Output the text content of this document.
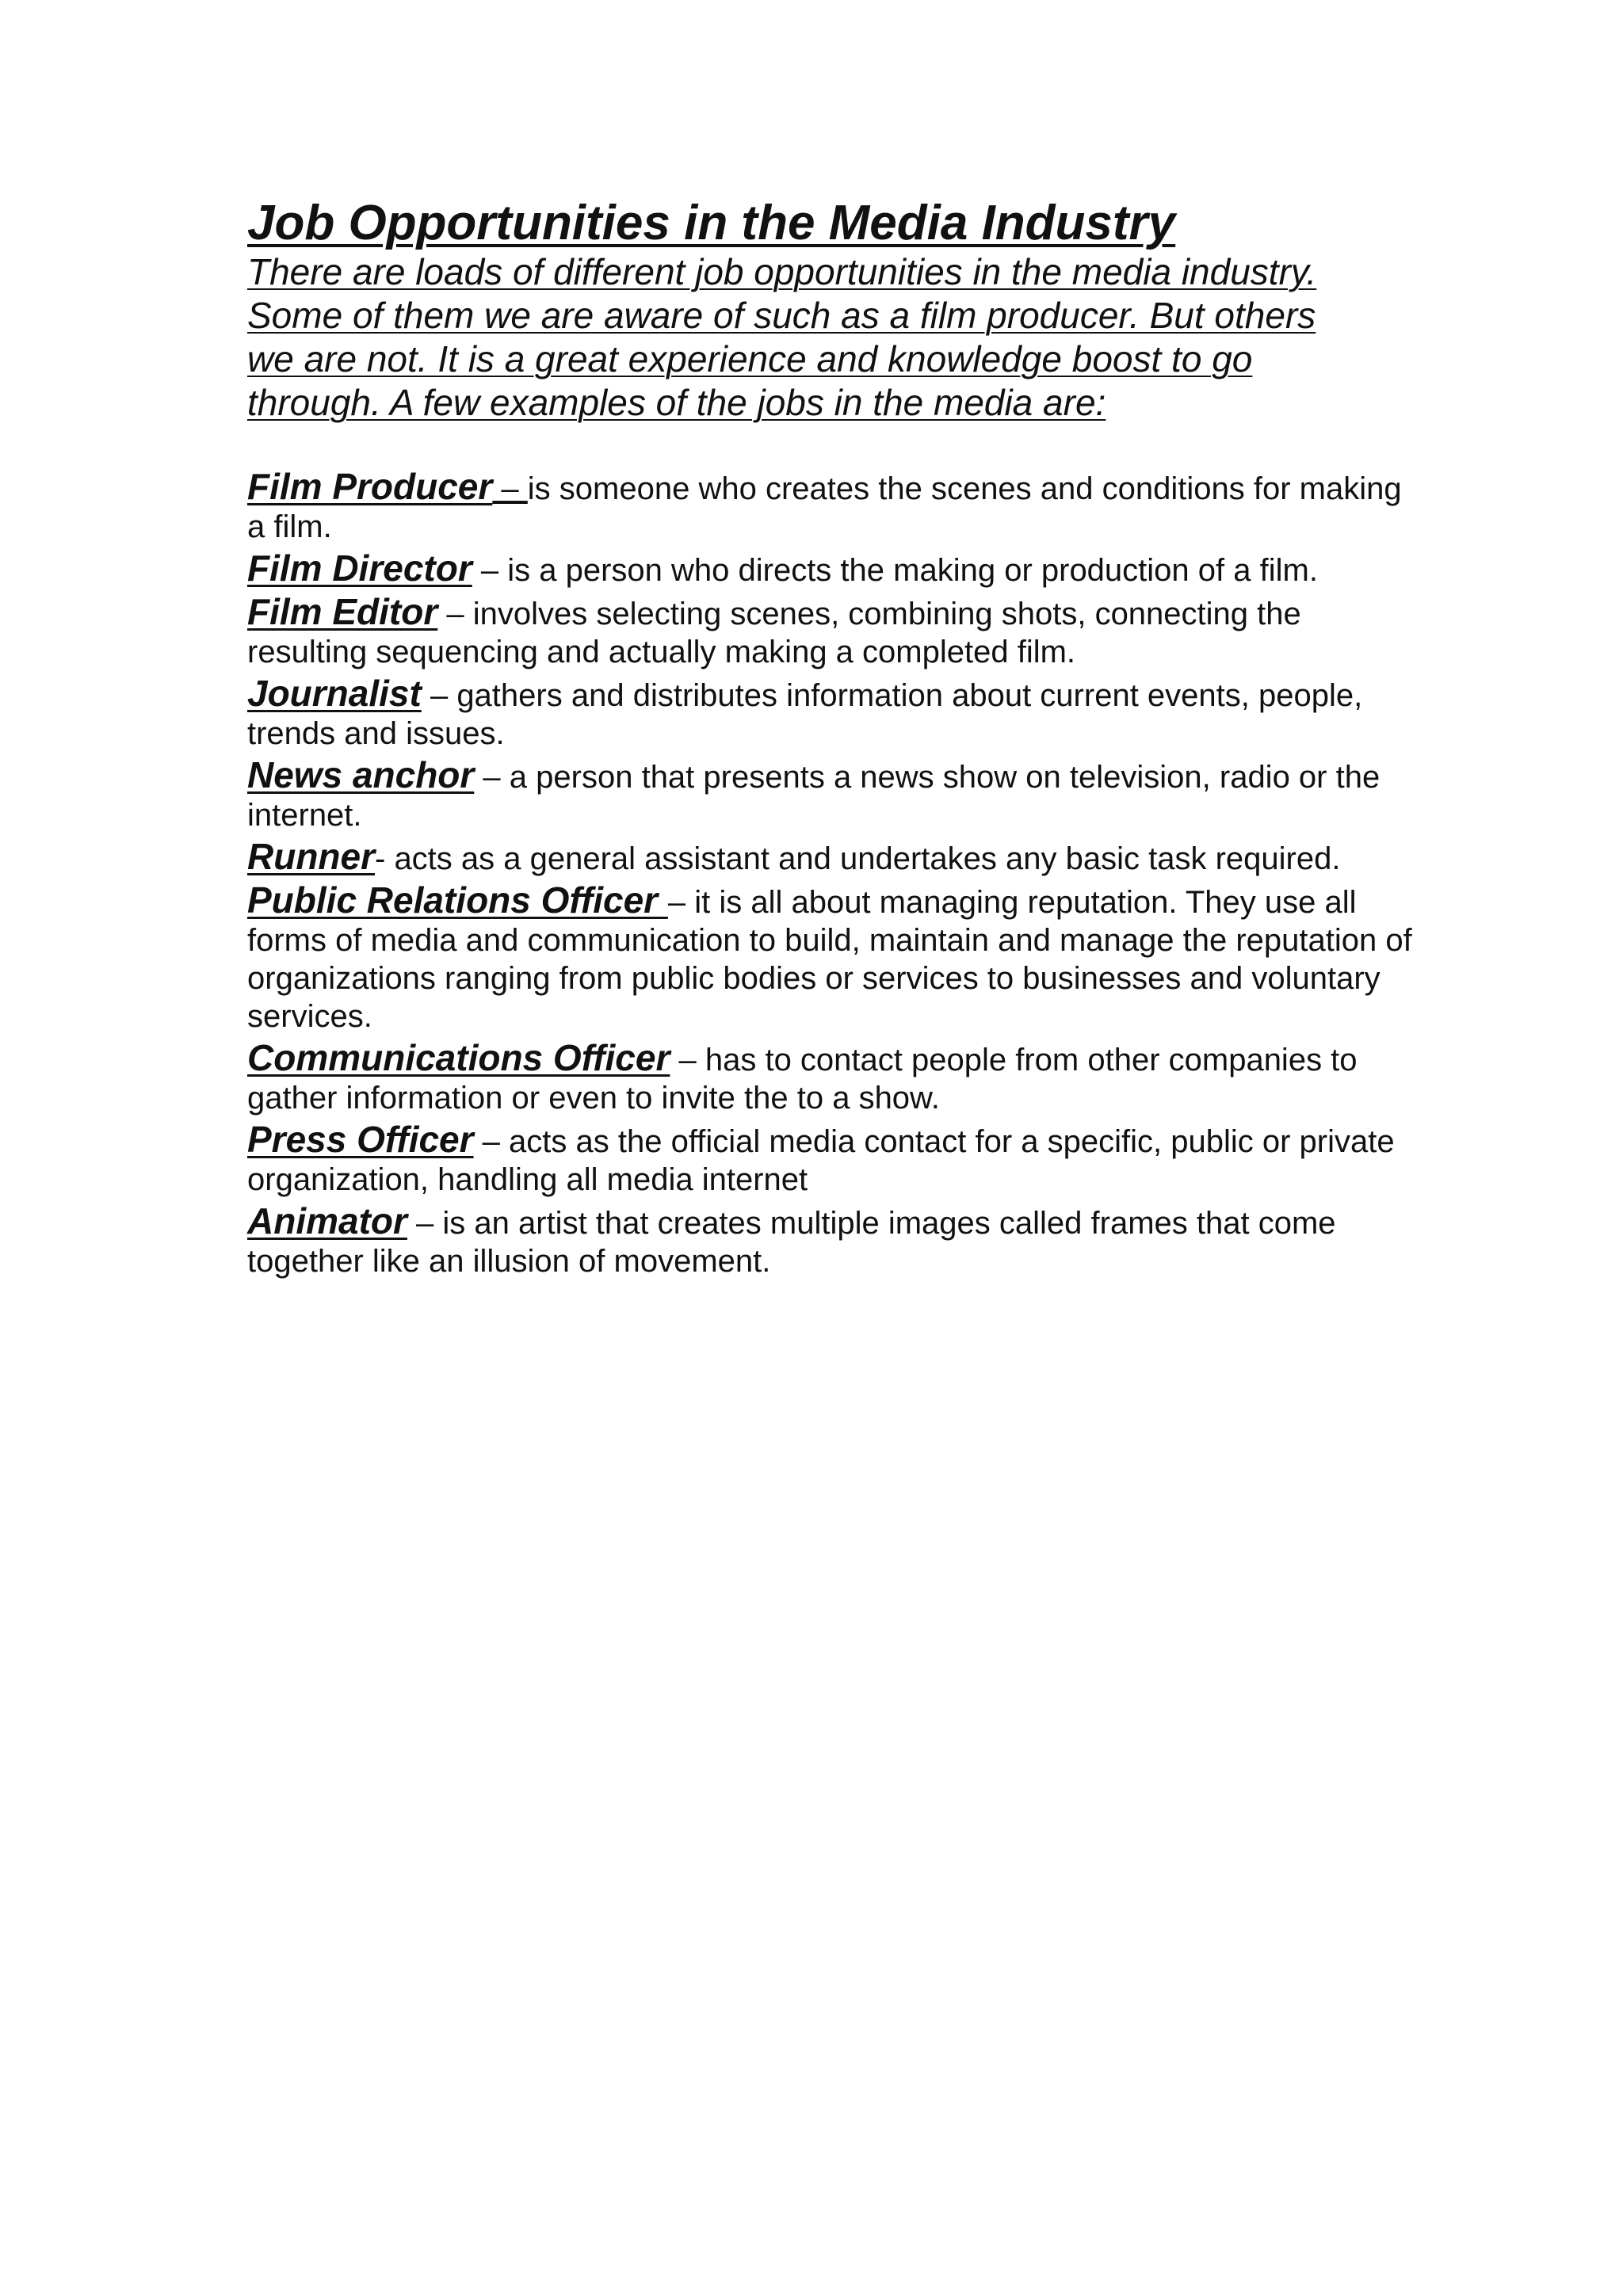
Job Opportunities in the Media Industry

There are loads of different job opportunities in the media industry.
Some of them we are aware of such as a film producer. But others
we are not. It is a great experience and knowledge boost to go
through. A few examples of the jobs in the media are:

Film Producer – is someone who creates the scenes and conditions for making a film.

Film Director – is a person who directs the making or production of a film.

Film Editor – involves selecting scenes, combining shots, connecting the resulting sequencing and actually making a completed film.

Journalist – gathers and distributes information about current events, people, trends and issues.

News anchor – a person that presents a news show on television, radio or the internet.

Runner- acts as a general assistant and undertakes any basic task required.

Public Relations Officer – it is all about managing reputation. They use all forms of media and communication to build, maintain and manage the reputation of organizations ranging from public bodies or services to businesses and voluntary services.

Communications Officer – has to contact people from other companies to gather information or even to invite the to a show.

Press Officer – acts as the official media contact for a specific, public or private organization, handling all media internet

Animator – is an artist that creates multiple images called frames that come together like an illusion of movement.
